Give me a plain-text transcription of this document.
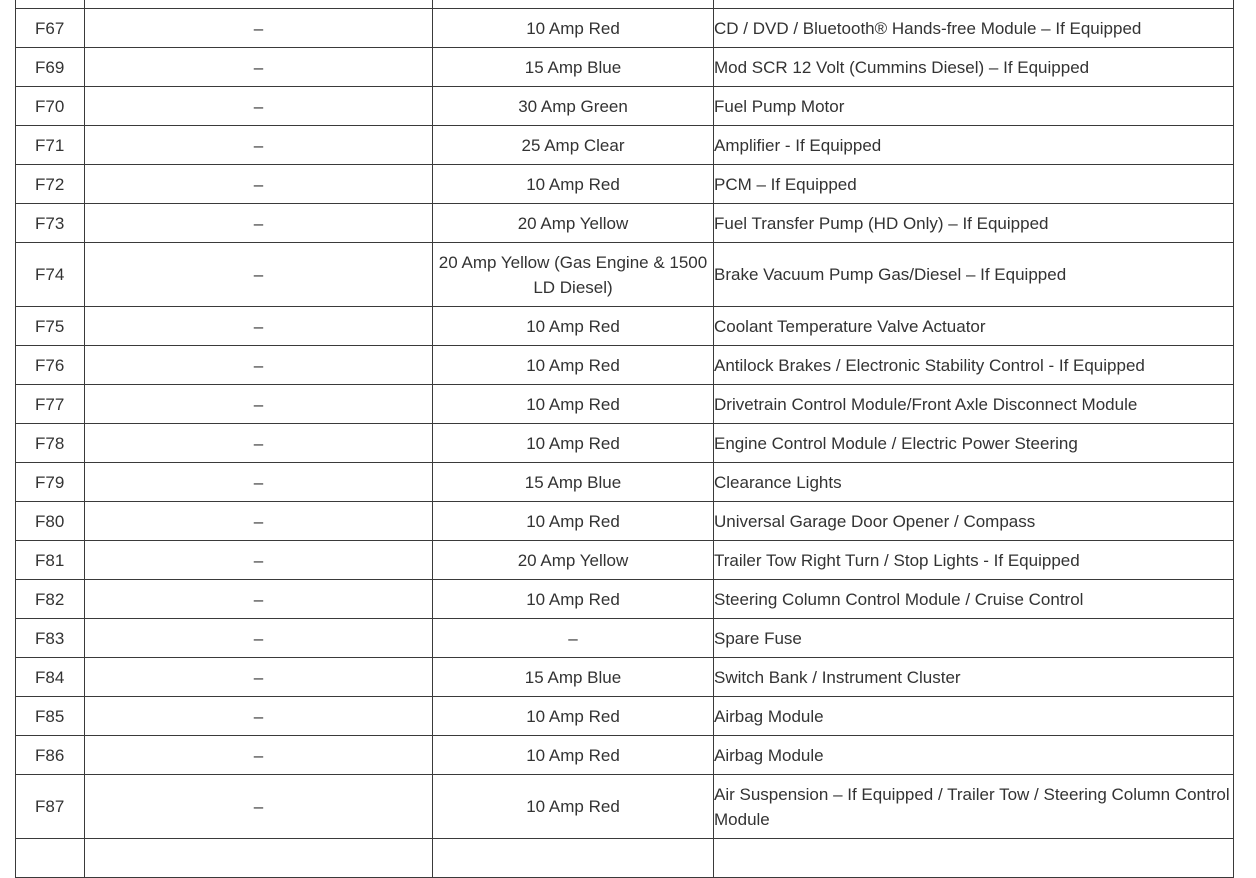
F67	–	10 Amp Red	CD / DVD / Bluetooth® Hands-free Module – If Equipped
F69	–	15 Amp Blue	Mod SCR 12 Volt (Cummins Diesel) – If Equipped
F70	–	30 Amp Green	Fuel Pump Motor
F71	–	25 Amp Clear	Amplifier - If Equipped
F72	–	10 Amp Red	PCM – If Equipped
F73	–	20 Amp Yellow	Fuel Transfer Pump (HD Only) – If Equipped
F74	–	20 Amp Yellow (Gas Engine & 1500 LD Diesel)	Brake Vacuum Pump Gas/Diesel – If Equipped
F75	–	10 Amp Red	Coolant Temperature Valve Actuator
F76	–	10 Amp Red	Antilock Brakes / Electronic Stability Control - If Equipped
F77	–	10 Amp Red	Drivetrain Control Module/Front Axle Disconnect Module
F78	–	10 Amp Red	Engine Control Module / Electric Power Steering
F79	–	15 Amp Blue	Clearance Lights
F80	–	10 Amp Red	Universal Garage Door Opener / Compass
F81	–	20 Amp Yellow	Trailer Tow Right Turn / Stop Lights - If Equipped
F82	–	10 Amp Red	Steering Column Control Module / Cruise Control
F83	–	–	Spare Fuse
F84	–	15 Amp Blue	Switch Bank / Instrument Cluster
F85	–	10 Amp Red	Airbag Module
F86	–	10 Amp Red	Airbag Module
F87	–	10 Amp Red	Air Suspension – If Equipped / Trailer Tow / Steering Column Control Module
